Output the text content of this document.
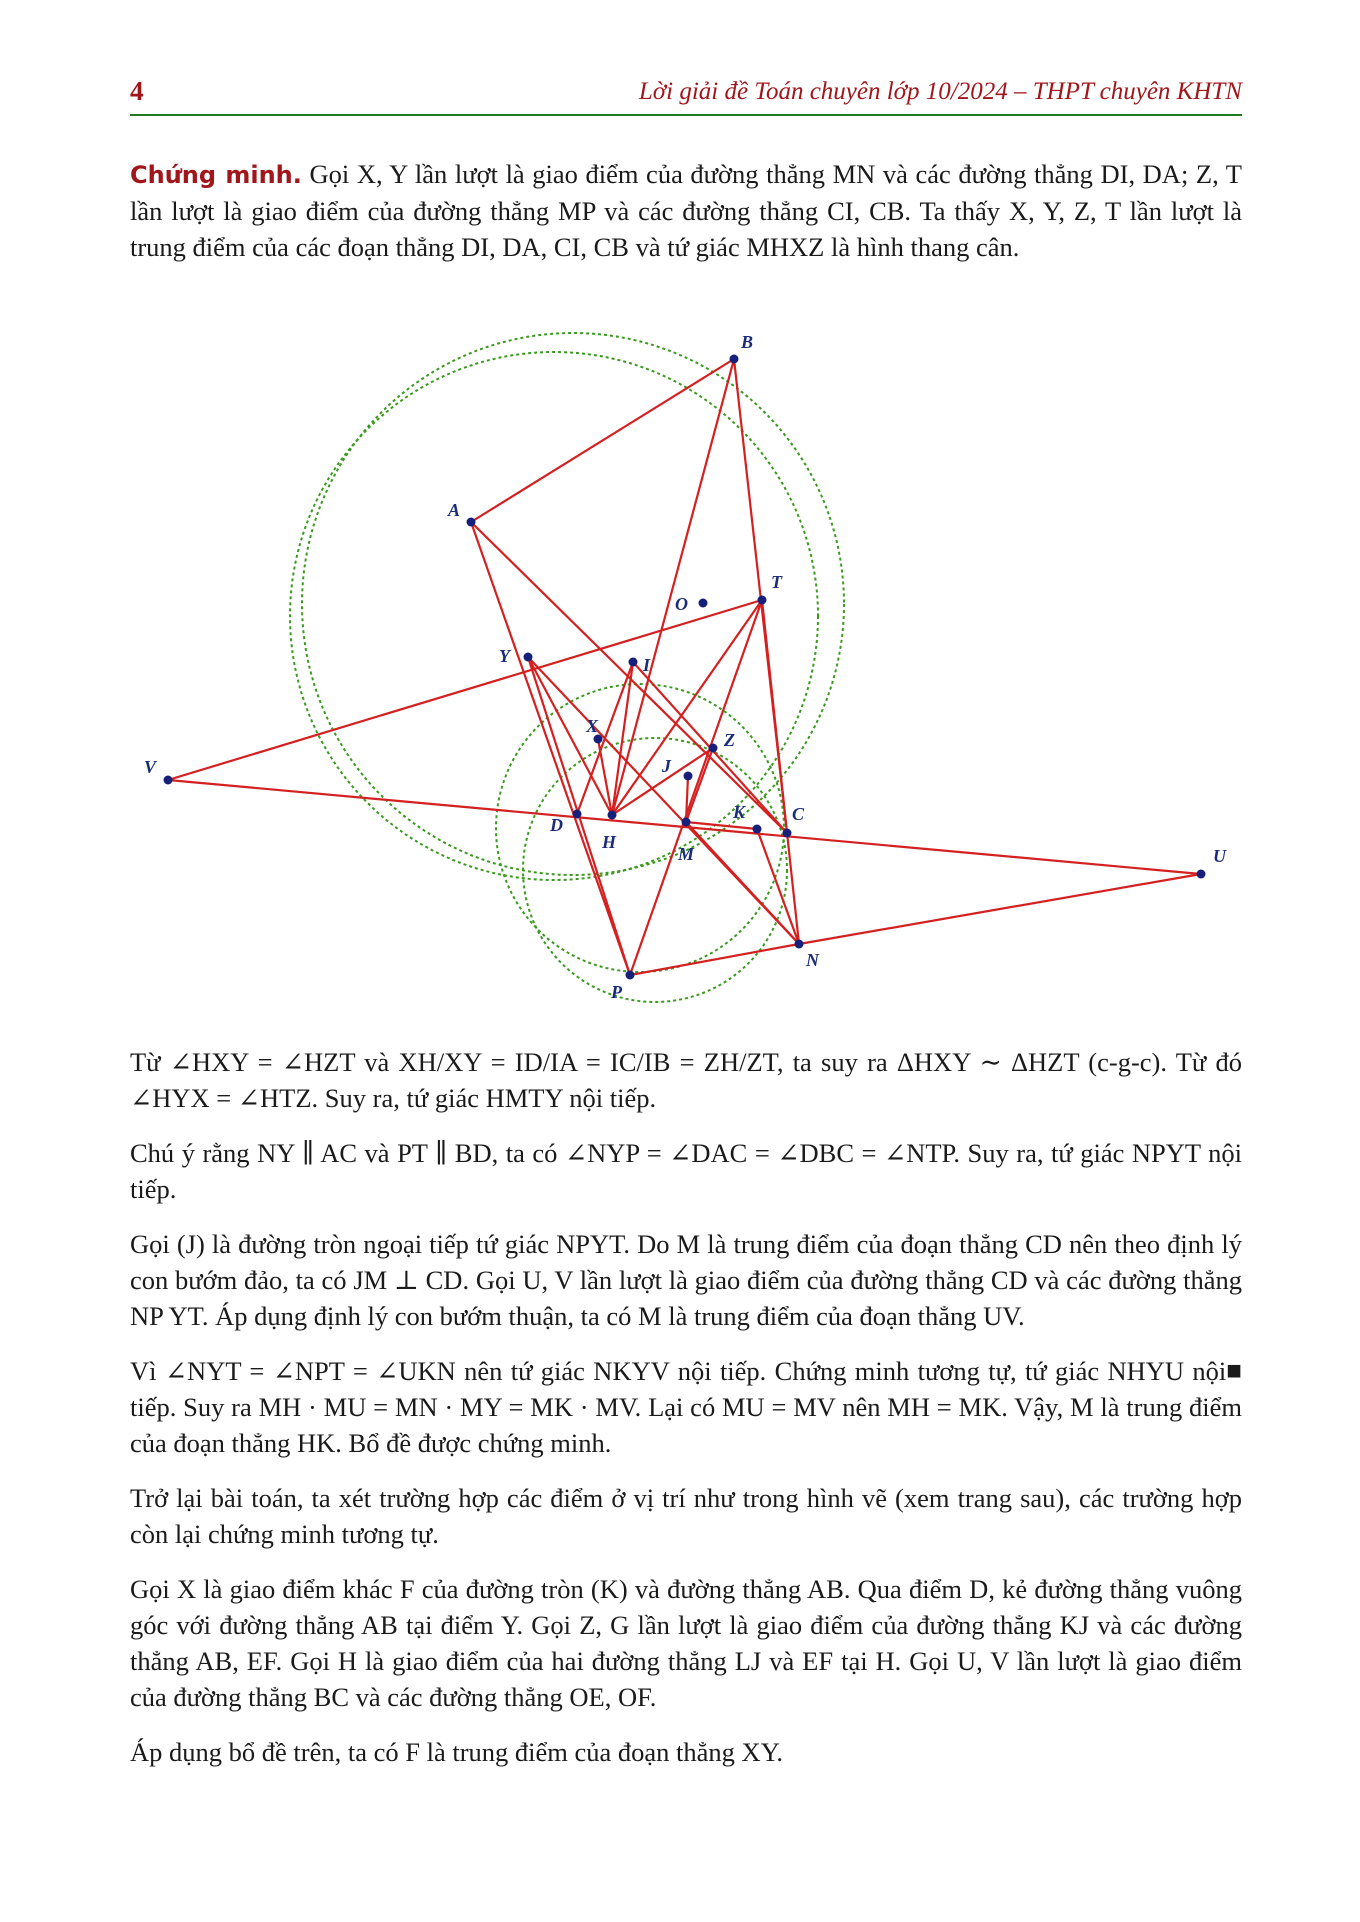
4	Lời giải đề Toán chuyên lớp 10/2024 – THPT chuyên KHTN

Chứng minh. Gọi X, Y lần lượt là giao điểm của đường thẳng MN và các đường thẳng DI, DA; Z, T lần lượt là giao điểm của đường thẳng MP và các đường thẳng CI, CB. Ta thấy X, Y, Z, T lần lượt là trung điểm của các đoạn thẳng DI, DA, CI, CB và tứ giác MHXZ là hình thang cân.

A
B
O
T
Y	I
X
Z
J
V
D
H
K	C
M	U
N
P

Từ ∠HXY = ∠HZT và XH/XY = ID/IA = IC/IB = ZH/ZT, ta suy ra ΔHXY ∼ ΔHZT (c-g-c). Từ đó ∠HYX = ∠HTZ. Suy ra, tứ giác HMTY nội tiếp.

Chú ý rằng NY ∥ AC và PT ∥ BD, ta có ∠NYP = ∠DAC = ∠DBC = ∠NTP. Suy ra, tứ giác NPYT nội tiếp.

Gọi (J) là đường tròn ngoại tiếp tứ giác NPYT. Do M là trung điểm của đoạn thẳng CD nên theo định lý con bướm đảo, ta có JM ⊥ CD. Gọi U, V lần lượt là giao điểm của đường thẳng CD và các đường thẳng NP YT. Áp dụng định lý con bướm thuận, ta có M là trung điểm của đoạn thẳng UV.

■
Vì ∠NYT = ∠NPT = ∠UKN nên tứ giác NKYV nội tiếp. Chứng minh tương tự, tứ giác NHYU nội tiếp. Suy ra MH · MU = MN · MY = MK · MV. Lại có MU = MV nên MH = MK. Vậy, M là trung điểm của đoạn thẳng HK. Bổ đề được chứng minh.

Trở lại bài toán, ta xét trường hợp các điểm ở vị trí như trong hình vẽ (xem trang sau), các trường hợp còn lại chứng minh tương tự.

Gọi X là giao điểm khác F của đường tròn (K) và đường thẳng AB. Qua điểm D, kẻ đường thẳng vuông góc với đường thẳng AB tại điểm Y. Gọi Z, G lần lượt là giao điểm của đường thẳng KJ và các đường thẳng AB, EF. Gọi H là giao điểm của hai đường thẳng LJ và EF tại H. Gọi U, V lần lượt là giao điểm của đường thẳng BC và các đường thẳng OE, OF.

Áp dụng bổ đề trên, ta có F là trung điểm của đoạn thẳng XY.
